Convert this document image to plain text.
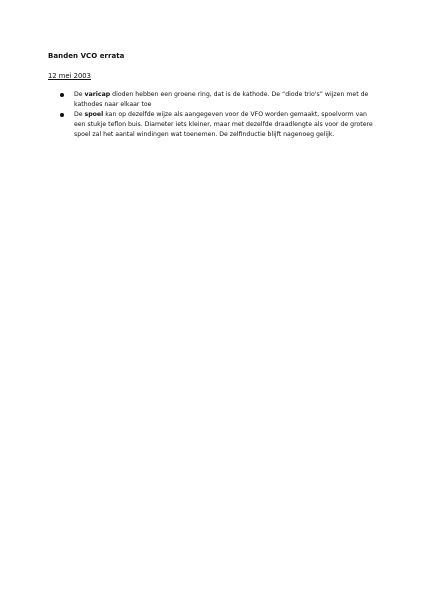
Banden VCO errata
12 mei 2003
De varicap dioden hebben een groene ring, dat is de kathode. De “diode trio's” wijzen met de kathodes naar elkaar toe
De spoel kan op dezelfde wijze als aangegeven voor de VFO worden gemaakt, spoelvorm van een stukje teflon buis. Diameter iets kleiner, maar met dezelfde draadlengte als voor de grotere spoel zal het aantal windingen wat toenemen. De zelfinductie blijft nagenoeg gelijk.
